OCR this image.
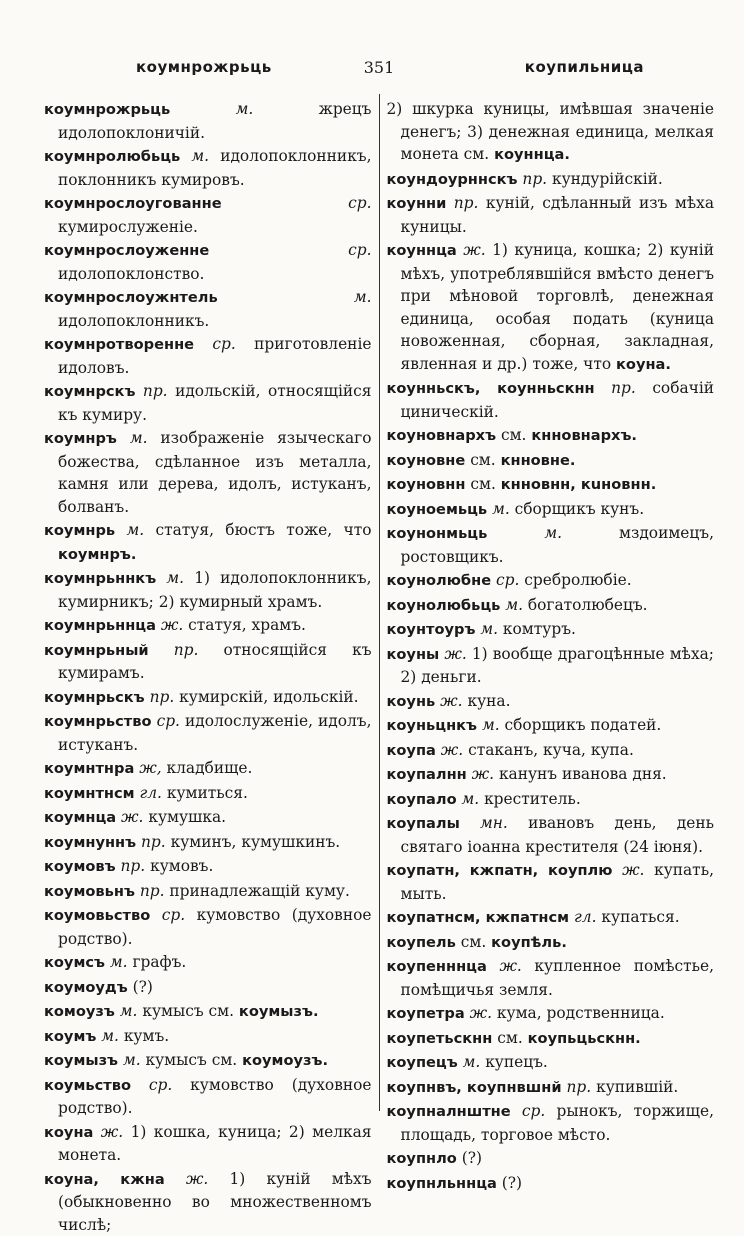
коумнрожрьць	351	коупильница

коумнрожрьць	м.	жрецъ идолопоклоничій.

коумнролюбьць м. идолопоклонникъ, поклонникъ кумировъ.

коумнрослоугованне	ср. кумирослуженіе.

коумнрослоуженне	ср. идолопоклонство.

коумнрослоужнтель	м. идолопоклонникъ.

коумнротворенне ср. приготовленіе идоловъ.

коумнрскъ пр. идольскій, относящійся къ кумиру.

коумнръ м. изображеніе языческаго божества, сдѣланное изъ металла, камня или дерева, идолъ, истуканъ, болванъ.

коумнрь м. статуя, бюстъ тоже, что коумнръ.

коумнрьннкъ м. 1) идолопоклонникъ, кумирникъ; 2) кумирный храмъ.

коумнрьннца ж. статуя, храмъ.

коумнрьный пр. относящійся къ кумирамъ.

коумнрьскъ пр. кумирскій, идольскій.

коумнрьство ср. идолослуженіе, идолъ, истуканъ.

коумнтнра ж, кладбище.

коумнтнсм гл. кумиться.

коумнца ж. кумушка.

коумнуннъ пр. куминъ, кумушкинъ.

коумовъ пр. кумовъ.

коумовьнъ пр. принадлежащій куму.

коумовьство ср. кумовство (духовное родство).

коумсъ м. графъ.

коумоудъ (?)

комоузъ м. кумысъ см. коумызъ.

коумъ м. кумъ.

коумызъ м. кумысъ см. коумоузъ.

коумьство ср. кумовство (духовное родство).

коуна ж. 1) кошка, куница; 2) мелкая монета.

коуна, кжна ж. 1) куній мѣхъ (обыкновенно во множественномъ числѣ;

2) шкурка куницы, имѣвшая значеніе денегъ; 3) денежная единица, мелкая монета см. коуннца.

коундоурннскъ пр. кундурійскій.

коунни пр. куній, сдѣланный изъ мѣха куницы.

коуннца ж. 1) куница, кошка; 2) куній мѣхъ, употреблявшійся вмѣсто денегъ при мѣновой торговлѣ, денежная единица, особая подать (куница новоженная, сборная, закладная, явленная и др.) тоже, что коуна.

коунньскъ, коунньскнн пр. собачій циническій.

коуновнархъ см. кнновнархъ.

коуновне см. кнновне.

коуновнн см. кнновнн, кuновнн.

коуноемьць м. сборщикъ кунъ.

коунонмьць	м.	мздоимецъ, ростовщикъ.

коунолюбне ср. сребролюбіе.

коунолюбьць м. богатолюбецъ.

коунтоуръ м. комтуръ.

коуны ж. 1) вообще драгоцѣнные мѣха; 2) деньги.

коунь ж. куна.

коуньцнкъ м. сборщикъ податей.

коупа ж. стаканъ, куча, купа.

коупалнн ж. канунъ иванова дня.

коупало м. креститель.

коупалы мн. ивановъ день, день святаго іоанна крестителя (24 іюня).

коупатн, кжпатн, коуплю ж. купать, мыть.

коупатнсм, кжпатнсм гл. купаться.

коупель см. коупѣль.

коупенннца ж. купленное помѣстье, помѣщичья земля.

коупетра ж. кума, родственница.

коупетьскнн см. коупьцьскнн.

коупецъ м. купецъ.

коупнвъ, коупнвшнй пр. купившій.

коупналнштне ср. рынокъ, торжище, площадь, торговое мѣсто.

коупнло (?)

коупнльннца (?)
